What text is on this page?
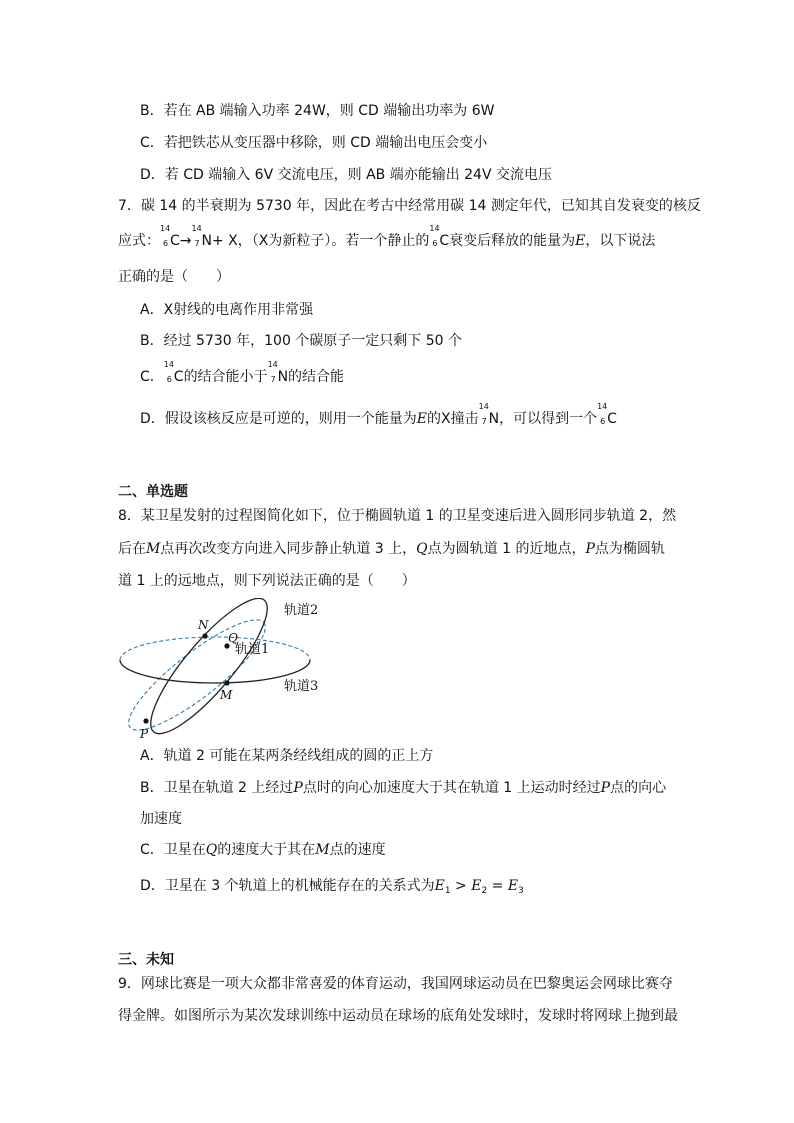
B．若在 AB 端输入功率 24W，则 CD 端输出功率为 6W
C．若把铁芯从变压器中移除，则 CD 端输出电压会变小
D．若 CD 端输入 6V 交流电压，则 AB 端亦能输出 24V 交流电压
7．碳 14 的半衰期为 5730 年，因此在考古中经常用碳 14 测定年代，已知其自发衰变的核反
应式：
14
6 C→
14
7 N+ X，（X为新粒子）。若一个静止的
14
6 C衰变后释放的能量为E，以下说法
正确的是（　　）
A．X射线的电离作用非常强
B．经过 5730 年，100 个碳原子一定只剩下 50 个
C．
14
6 C的结合能小于
14
7 N的结合能
D．假设该核反应是可逆的，则用一个能量为E的X撞击
14
7 N，可以得到一个
14
6 C
二、单选题
8．某卫星发射的过程图简化如下，位于椭圆轨道 1 的卫星变速后进入圆形同步轨道 2，然
后在M点再次改变方向进入同步静止轨道 3 上，Q点为圆轨道 1 的近地点，P点为椭圆轨
道 1 上的远地点，则下列说法正确的是（　　）
轨道2
轨道1
轨道3
N
Q
M
P
A．轨道 2 可能在某两条经线组成的圆的正上方
B．卫星在轨道 2 上经过P点时的向心加速度大于其在轨道 1 上运动时经过P点的向心
加速度
C．卫星在Q的速度大于其在M点的速度
D．卫星在 3 个轨道上的机械能存在的关系式为$E_1 > E_2 = E_3$
三、未知
9．网球比赛是一项大众都非常喜爱的体育运动，我国网球运动员在巴黎奥运会网球比赛夺
得金牌。如图所示为某次发球训练中运动员在球场的底角处发球时，发球时将网球上抛到最
